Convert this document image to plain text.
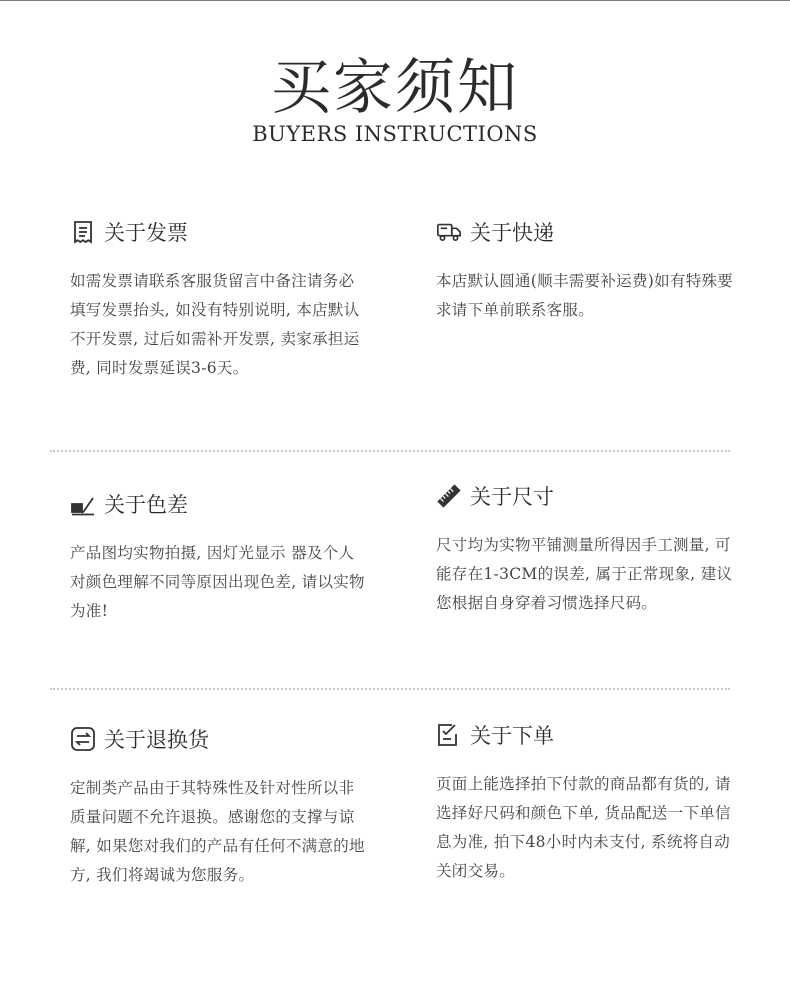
买家须知
BUYERS INSTRUCTIONS
关于发票
如需发票请联系客服货留言中备注请务必填写发票抬头, 如没有特别说明, 本店默认不开发票, 过后如需补开发票, 卖家承担运费, 同时发票延误3-6天。
关于快递
本店默认圆通(顺丰需要补运费)如有特殊要求请下单前联系客服。
关于色差
产品图均实物拍摄, 因灯光显示 器及个人对颜色理解不同等原因出现色差, 请以实物为准!
关于尺寸
尺寸均为实物平铺测量所得因手工测量, 可能存在1-3CM的误差, 属于正常现象, 建议您根据自身穿着习惯选择尺码。
关于退换货
定制类产品由于其特殊性及针对性所以非质量问题不允许退换。感谢您的支撑与谅解, 如果您对我们的产品有任何不满意的地方, 我们将竭诚为您服务。
关于下单
页面上能选择拍下付款的商品都有货的, 请选择好尺码和颜色下单, 货品配送一下单信息为准, 拍下48小时内未支付, 系统将自动关闭交易。
